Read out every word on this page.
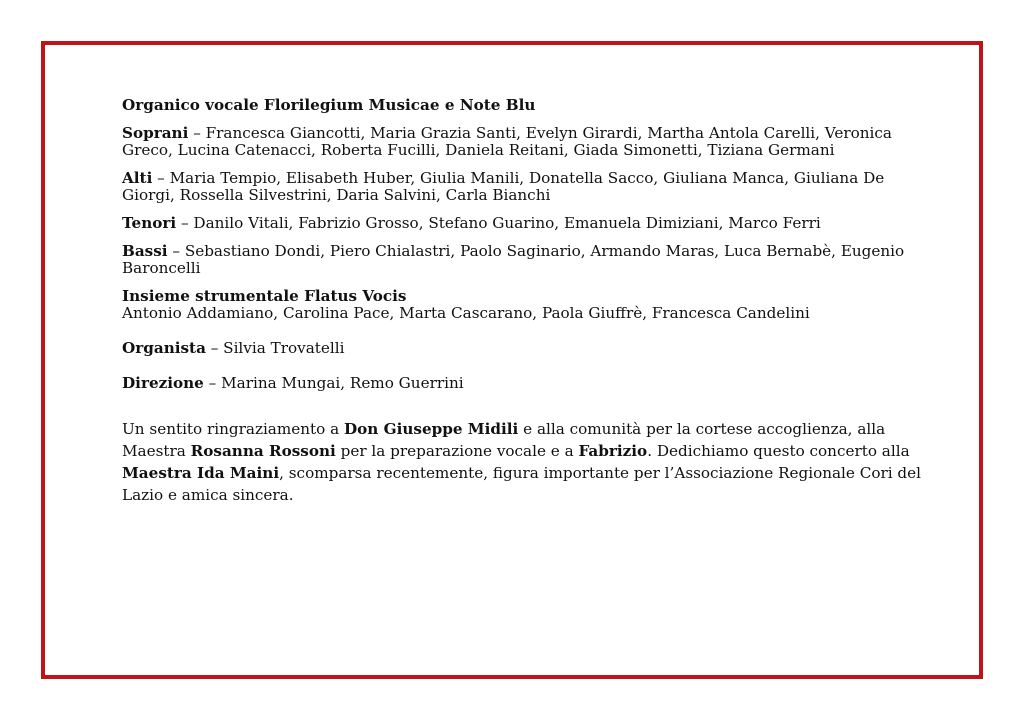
Organico vocale Florilegium Musicae e Note Blu
Soprani – Francesca Giancotti, Maria Grazia Santi, Evelyn Girardi, Martha Antola Carelli, Veronica Greco, Lucina Catenacci, Roberta Fucilli, Daniela Reitani, Giada Simonetti, Tiziana Germani
Alti – Maria Tempio, Elisabeth Huber, Giulia Manili, Donatella Sacco, Giuliana Manca, Giuliana De Giorgi, Rossella Silvestrini, Daria Salvini, Carla Bianchi
Tenori – Danilo Vitali, Fabrizio Grosso, Stefano Guarino, Emanuela Dimiziani, Marco Ferri
Bassi – Sebastiano Dondi, Piero Chialastri, Paolo Saginario, Armando Maras, Luca Bernabè, Eugenio Baroncelli
Insieme strumentale Flatus Vocis
Antonio Addamiano, Carolina Pace, Marta Cascarano, Paola Giuffrè, Francesca Candelini
Organista – Silvia Trovatelli
Direzione – Marina Mungai, Remo Guerrini
Un sentito ringraziamento a Don Giuseppe Midili e alla comunità per la cortese accoglienza, alla Maestra Rosanna Rossoni per la preparazione vocale e a Fabrizio. Dedichiamo questo concerto alla Maestra Ida Maini, scomparsa recentemente, figura importante per l’Associazione Regionale Cori del Lazio e amica sincera.
